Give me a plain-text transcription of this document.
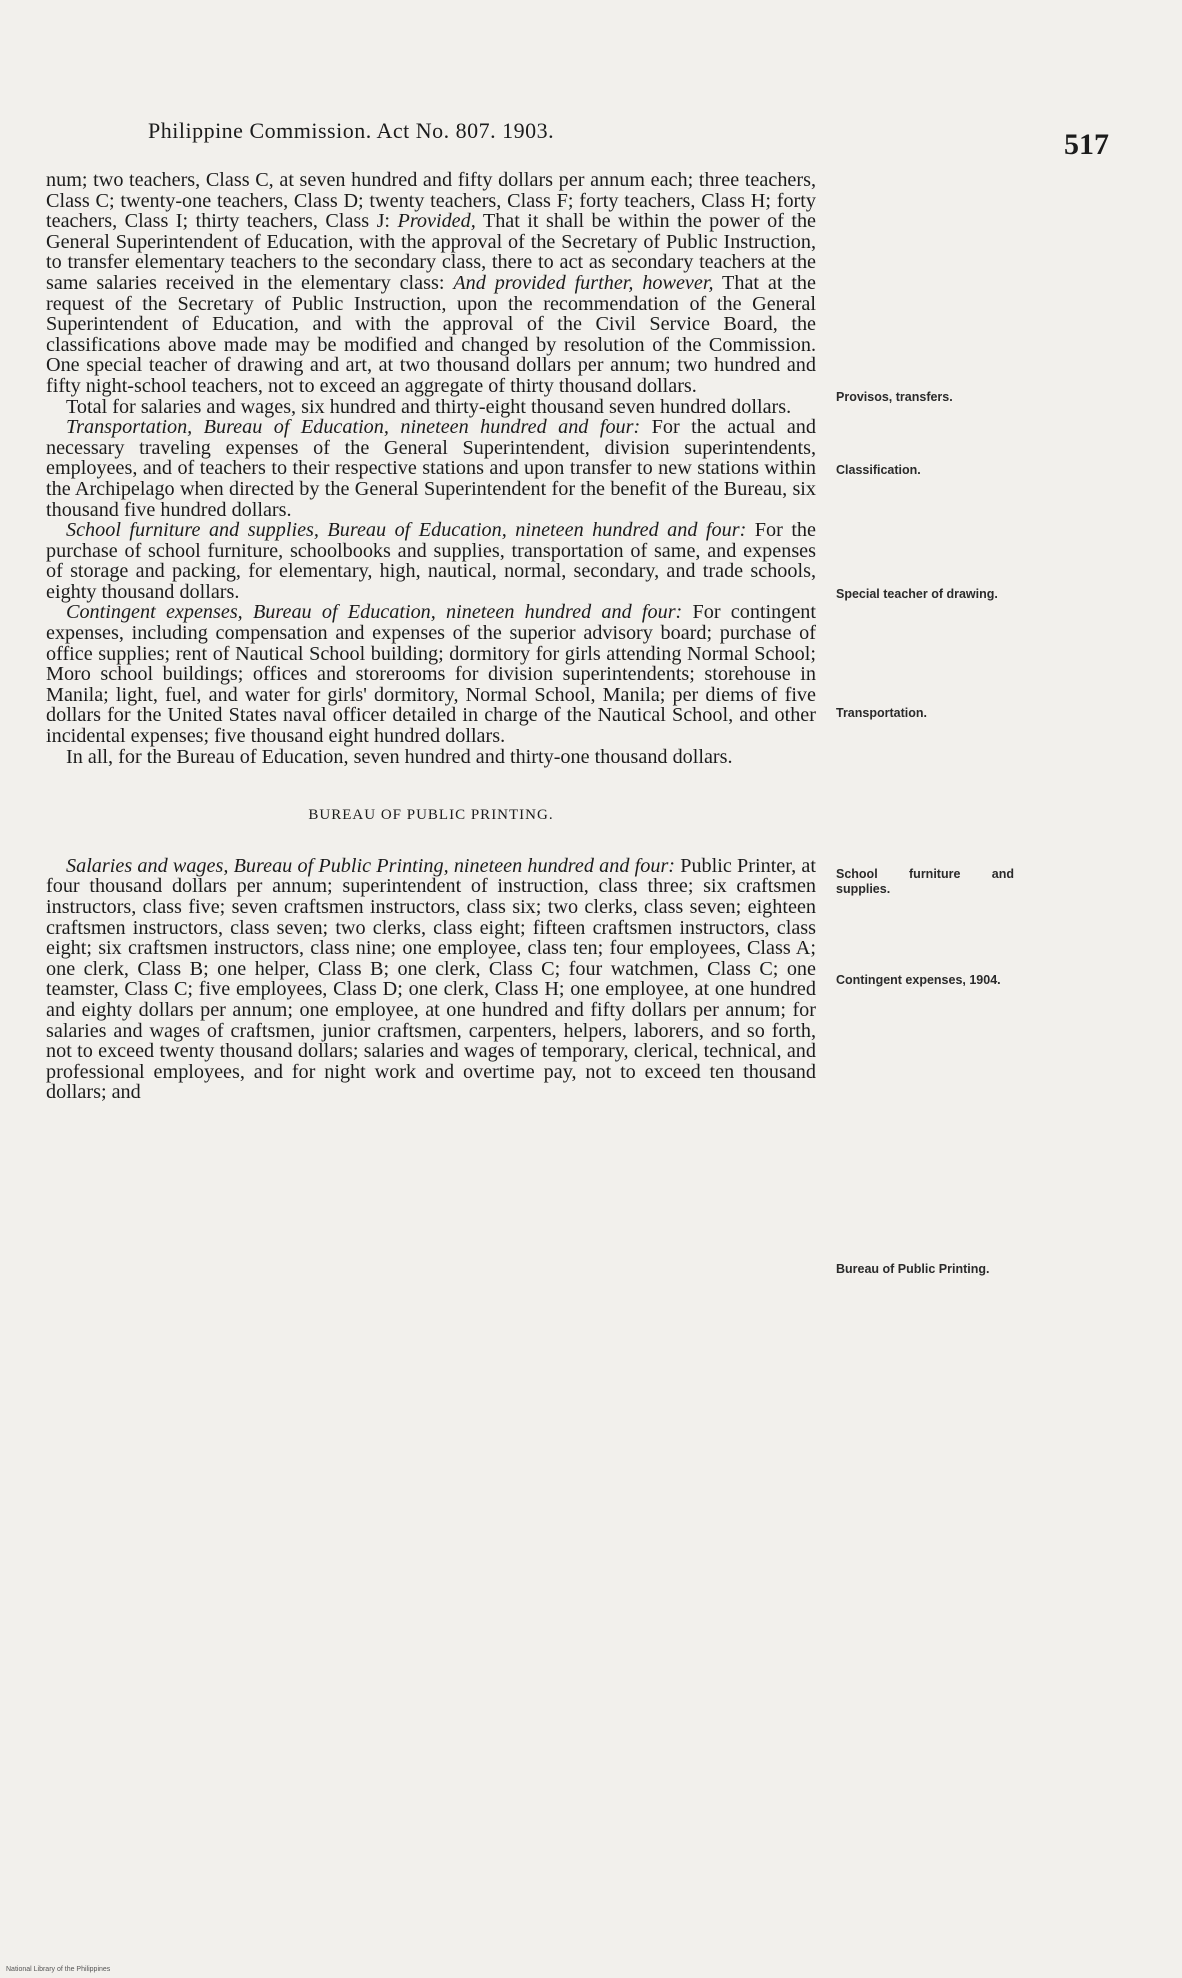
Philippine Commission. Act No. 807. 1903.	517

num; two teachers, Class C, at seven hundred and fifty dollars per annum each; three teachers, Class C; twenty-one teachers, Class D; twenty teachers, Class F; forty teachers, Class H; forty teachers, Class I; thirty teachers, Class J: Provided, That it shall be within the power of the General Superintendent of Education, with the approval of the Secretary of Public Instruction, to transfer elementary teachers to the secondary class, there to act as secondary teachers at the same salaries received in the elementary class: And provided further, however, That at the request of the Secretary of Public Instruction, upon the recommendation of the General Superintendent of Education, and with the approval of the Civil Service Board, the classifications above made may be modified and changed by resolution of the Commission. One special teacher of drawing and art, at two thousand dollars per annum; two hundred and fifty night-school teachers, not to exceed an aggregate of thirty thousand dollars.

Total for salaries and wages, six hundred and thirty-eight thousand seven hundred dollars.

Transportation, Bureau of Education, nineteen hundred and four: For the actual and necessary traveling expenses of the General Superintendent, division superintendents, employees, and of teachers to their respective stations and upon transfer to new stations within the Archipelago when directed by the General Superintendent for the benefit of the Bureau, six thousand five hundred dollars.

School furniture and supplies, Bureau of Education, nineteen hundred and four: For the purchase of school furniture, schoolbooks and supplies, transportation of same, and expenses of storage and packing, for elementary, high, nautical, normal, secondary, and trade schools, eighty thousand dollars.

Contingent expenses, Bureau of Education, nineteen hundred and four: For contingent expenses, including compensation and expenses of the superior advisory board; purchase of office supplies; rent of Nautical School building; dormitory for girls attending Normal School; Moro school buildings; offices and storerooms for division superintendents; storehouse in Manila; light, fuel, and water for girls' dormitory, Normal School, Manila; per diems of five dollars for the United States naval officer detailed in charge of the Nautical School, and other incidental expenses; five thousand eight hundred dollars.

In all, for the Bureau of Education, seven hundred and thirty-one thousand dollars.

BUREAU OF PUBLIC PRINTING.

Salaries and wages, Bureau of Public Printing, nineteen hundred and four: Public Printer, at four thousand dollars per annum; superintendent of instruction, class three; six craftsmen instructors, class five; seven craftsmen instructors, class six; two clerks, class seven; eighteen craftsmen instructors, class seven; two clerks, class eight; fifteen craftsmen instructors, class eight; six craftsmen instructors, class nine; one employee, class ten; four employees, Class A; one clerk, Class B; one helper, Class B; one clerk, Class C; four watchmen, Class C; one teamster, Class C; five employees, Class D; one clerk, Class H; one employee, at one hundred and eighty dollars per annum; one employee, at one hundred and fifty dollars per annum; for salaries and wages of craftsmen, junior craftsmen, carpenters, helpers, laborers, and so forth, not to exceed twenty thousand dollars; salaries and wages of temporary, clerical, technical, and professional employees, and for night work and overtime pay, not to exceed ten thousand dollars; and

Provisos, transfers.
Classification.
Special teacher of drawing.
Transportation.
School furniture and supplies.
Contingent expenses, 1904.
Bureau of Public Printing.
National Library of the Philippines
